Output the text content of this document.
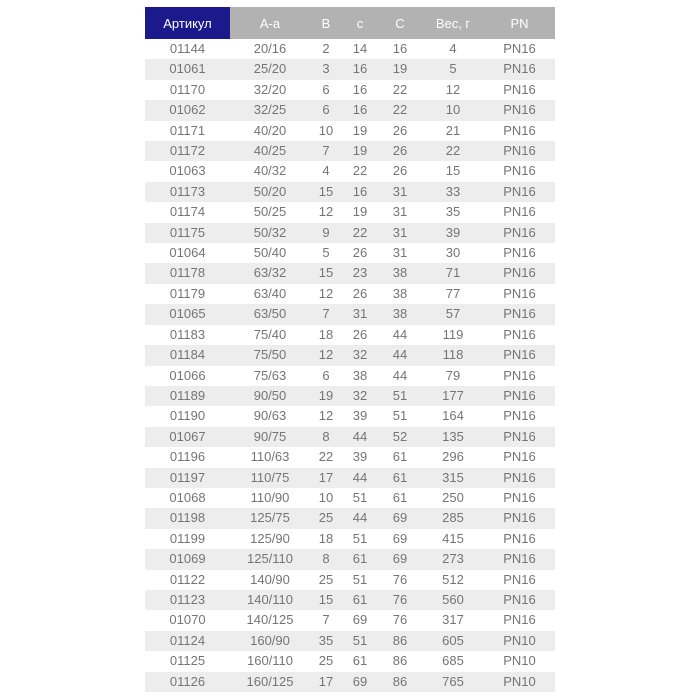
Артикул	A-a	B	c	C	Вес, г	PN
01144	20/16	2	14	16	4	PN16
01061	25/20	3	16	19	5	PN16
01170	32/20	6	16	22	12	PN16
01062	32/25	6	16	22	10	PN16
01171	40/20	10	19	26	21	PN16
01172	40/25	7	19	26	22	PN16
01063	40/32	4	22	26	15	PN16
01173	50/20	15	16	31	33	PN16
01174	50/25	12	19	31	35	PN16
01175	50/32	9	22	31	39	PN16
01064	50/40	5	26	31	30	PN16
01178	63/32	15	23	38	71	PN16
01179	63/40	12	26	38	77	PN16
01065	63/50	7	31	38	57	PN16
01183	75/40	18	26	44	119	PN16
01184	75/50	12	32	44	118	PN16
01066	75/63	6	38	44	79	PN16
01189	90/50	19	32	51	177	PN16
01190	90/63	12	39	51	164	PN16
01067	90/75	8	44	52	135	PN16
01196	110/63	22	39	61	296	PN16
01197	110/75	17	44	61	315	PN16
01068	110/90	10	51	61	250	PN16
01198	125/75	25	44	69	285	PN16
01199	125/90	18	51	69	415	PN16
01069	125/110	8	61	69	273	PN16
01122	140/90	25	51	76	512	PN16
01123	140/110	15	61	76	560	PN16
01070	140/125	7	69	76	317	PN16
01124	160/90	35	51	86	605	PN10
01125	160/110	25	61	86	685	PN10
01126	160/125	17	69	86	765	PN10
